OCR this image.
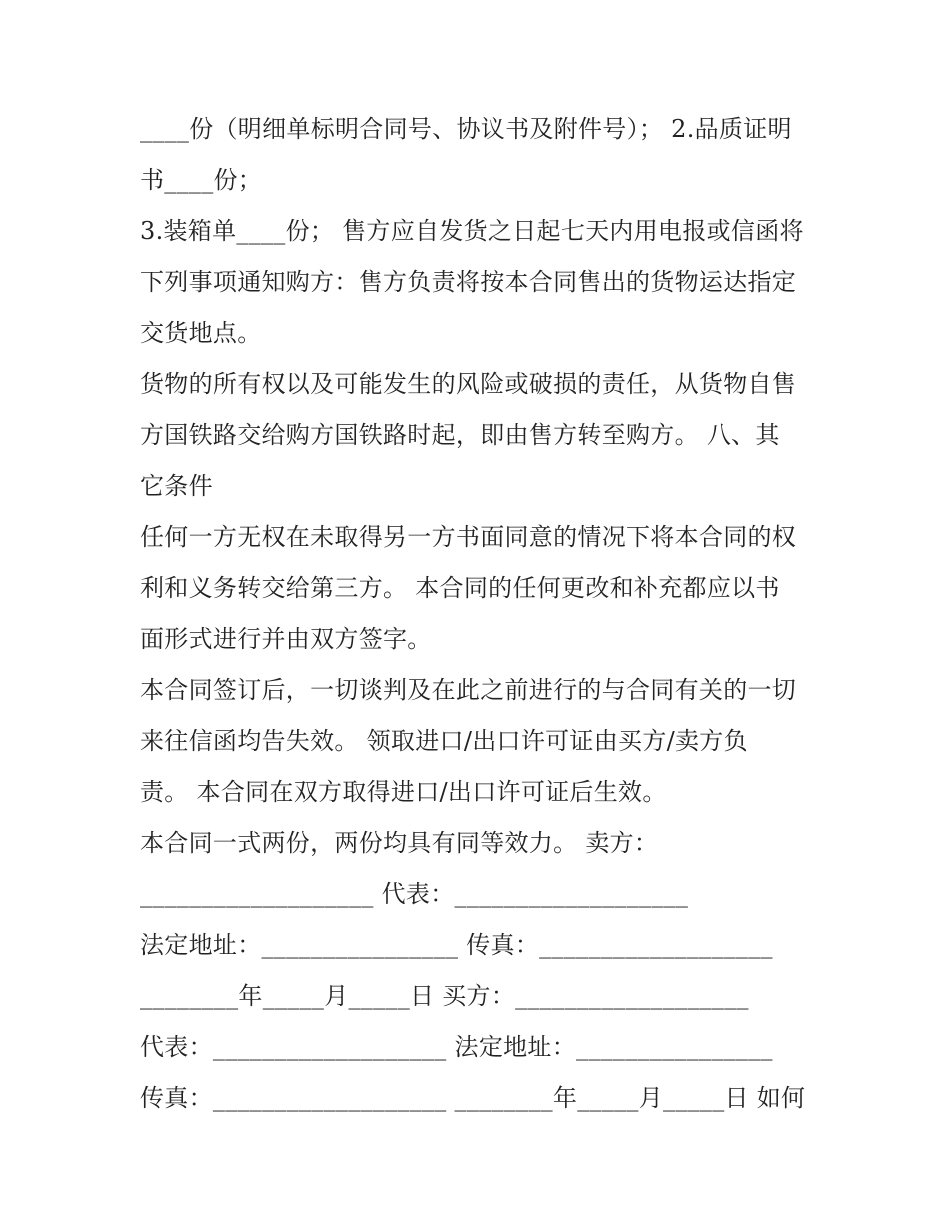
____份（明细单标明合同号、协议书及附件号）； 2.品质证明
书____份；
3.装箱单____份； 售方应自发货之日起七天内用电报或信函将
下列事项通知购方：售方负责将按本合同售出的货物运达指定
交货地点。
货物的所有权以及可能发生的风险或破损的责任，从货物自售
方国铁路交给购方国铁路时起，即由售方转至购方。 八、其
它条件
任何一方无权在未取得另一方书面同意的情况下将本合同的权
利和义务转交给第三方。 本合同的任何更改和补充都应以书
面形式进行并由双方签字。
本合同签订后，一切谈判及在此之前进行的与合同有关的一切
来往信函均告失效。 领取进口/出口许可证由买方/卖方负
责。 本合同在双方取得进口/出口许可证后生效。
本合同一式两份，两份均具有同等效力。 卖方：
___________________ 代表：___________________
法定地址：________________ 传真：___________________
________年_____月_____日 买方：___________________
代表：___________________ 法定地址：________________
传真：___________________ ________年_____月_____日 如何
